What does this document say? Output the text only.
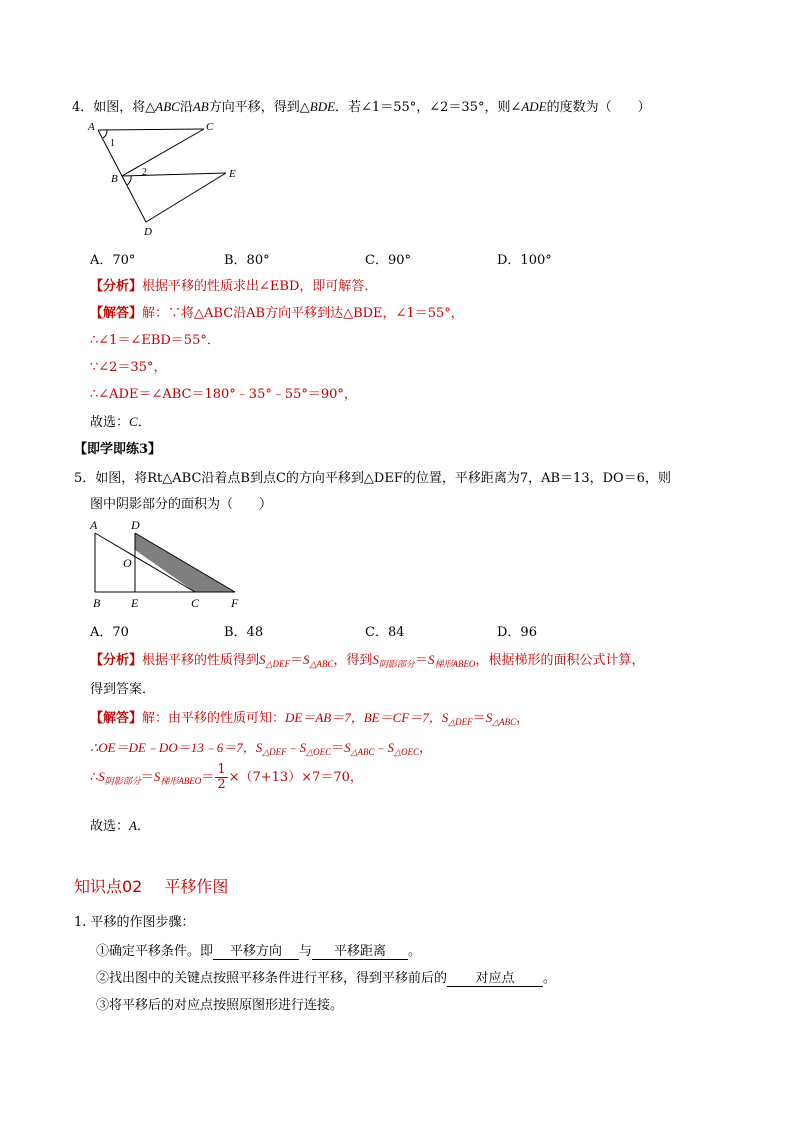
4．如图，将△ABC沿AB方向平移，得到△BDE．若∠1＝55°，∠2＝35°，则∠ADE的度数为（　　）
A	C
B	E
D
1
2
A．70°	B．80°	C．90°	D．100°
【分析】根据平移的性质求出∠EBD，即可解答．
【解答】解：∵将△ABC沿AB方向平移到达△BDE，∠1＝55°，
∴∠1＝∠EBD＝55°．
∵∠2＝35°，
∴∠ADE＝∠ABC＝180°﹣35°﹣55°＝90°，
故选：C．
【即学即练3】
5．如图，将Rt△ABC沿着点B到点C的方向平移到△DEF的位置，平移距离为7，AB＝13，DO＝6，则
图中阴影部分的面积为（　　）
A	D
O
B	E	C	F
A．70	B．48	C．84	D．96
【分析】根据平移的性质得到$S_{\triangle DEF}=S_{\triangle ABC}$，得到$S_{阴影部分}=S_{梯形ABEO}$，根据梯形的面积公式计算，
得到答案．
【解答】解：由平移的性质可知：DE＝AB＝7，BE＝CF＝7，$S_{\triangle DEF}=S_{\triangle ABC}$，
∴OE＝DE﹣DO＝13﹣6＝7，$S_{\triangle DEF}﹣S_{\triangle OEC}=S_{\triangle ABC}﹣S_{\triangle OEC}$，
$\therefore S_{阴影部分}=S_{梯形ABEO}= \frac{1}{2} \times(7+13)\times 7=70$，
故选：A．
知识点02 平移作图
1. 平移的作图步骤：
①确定平移条件。即 平移方向 与 平移距离 。
②找出图中的关键点按照平移条件进行平移，得到平移前后的 对应点 。
③将平移后的对应点按照原图形进行连接。
